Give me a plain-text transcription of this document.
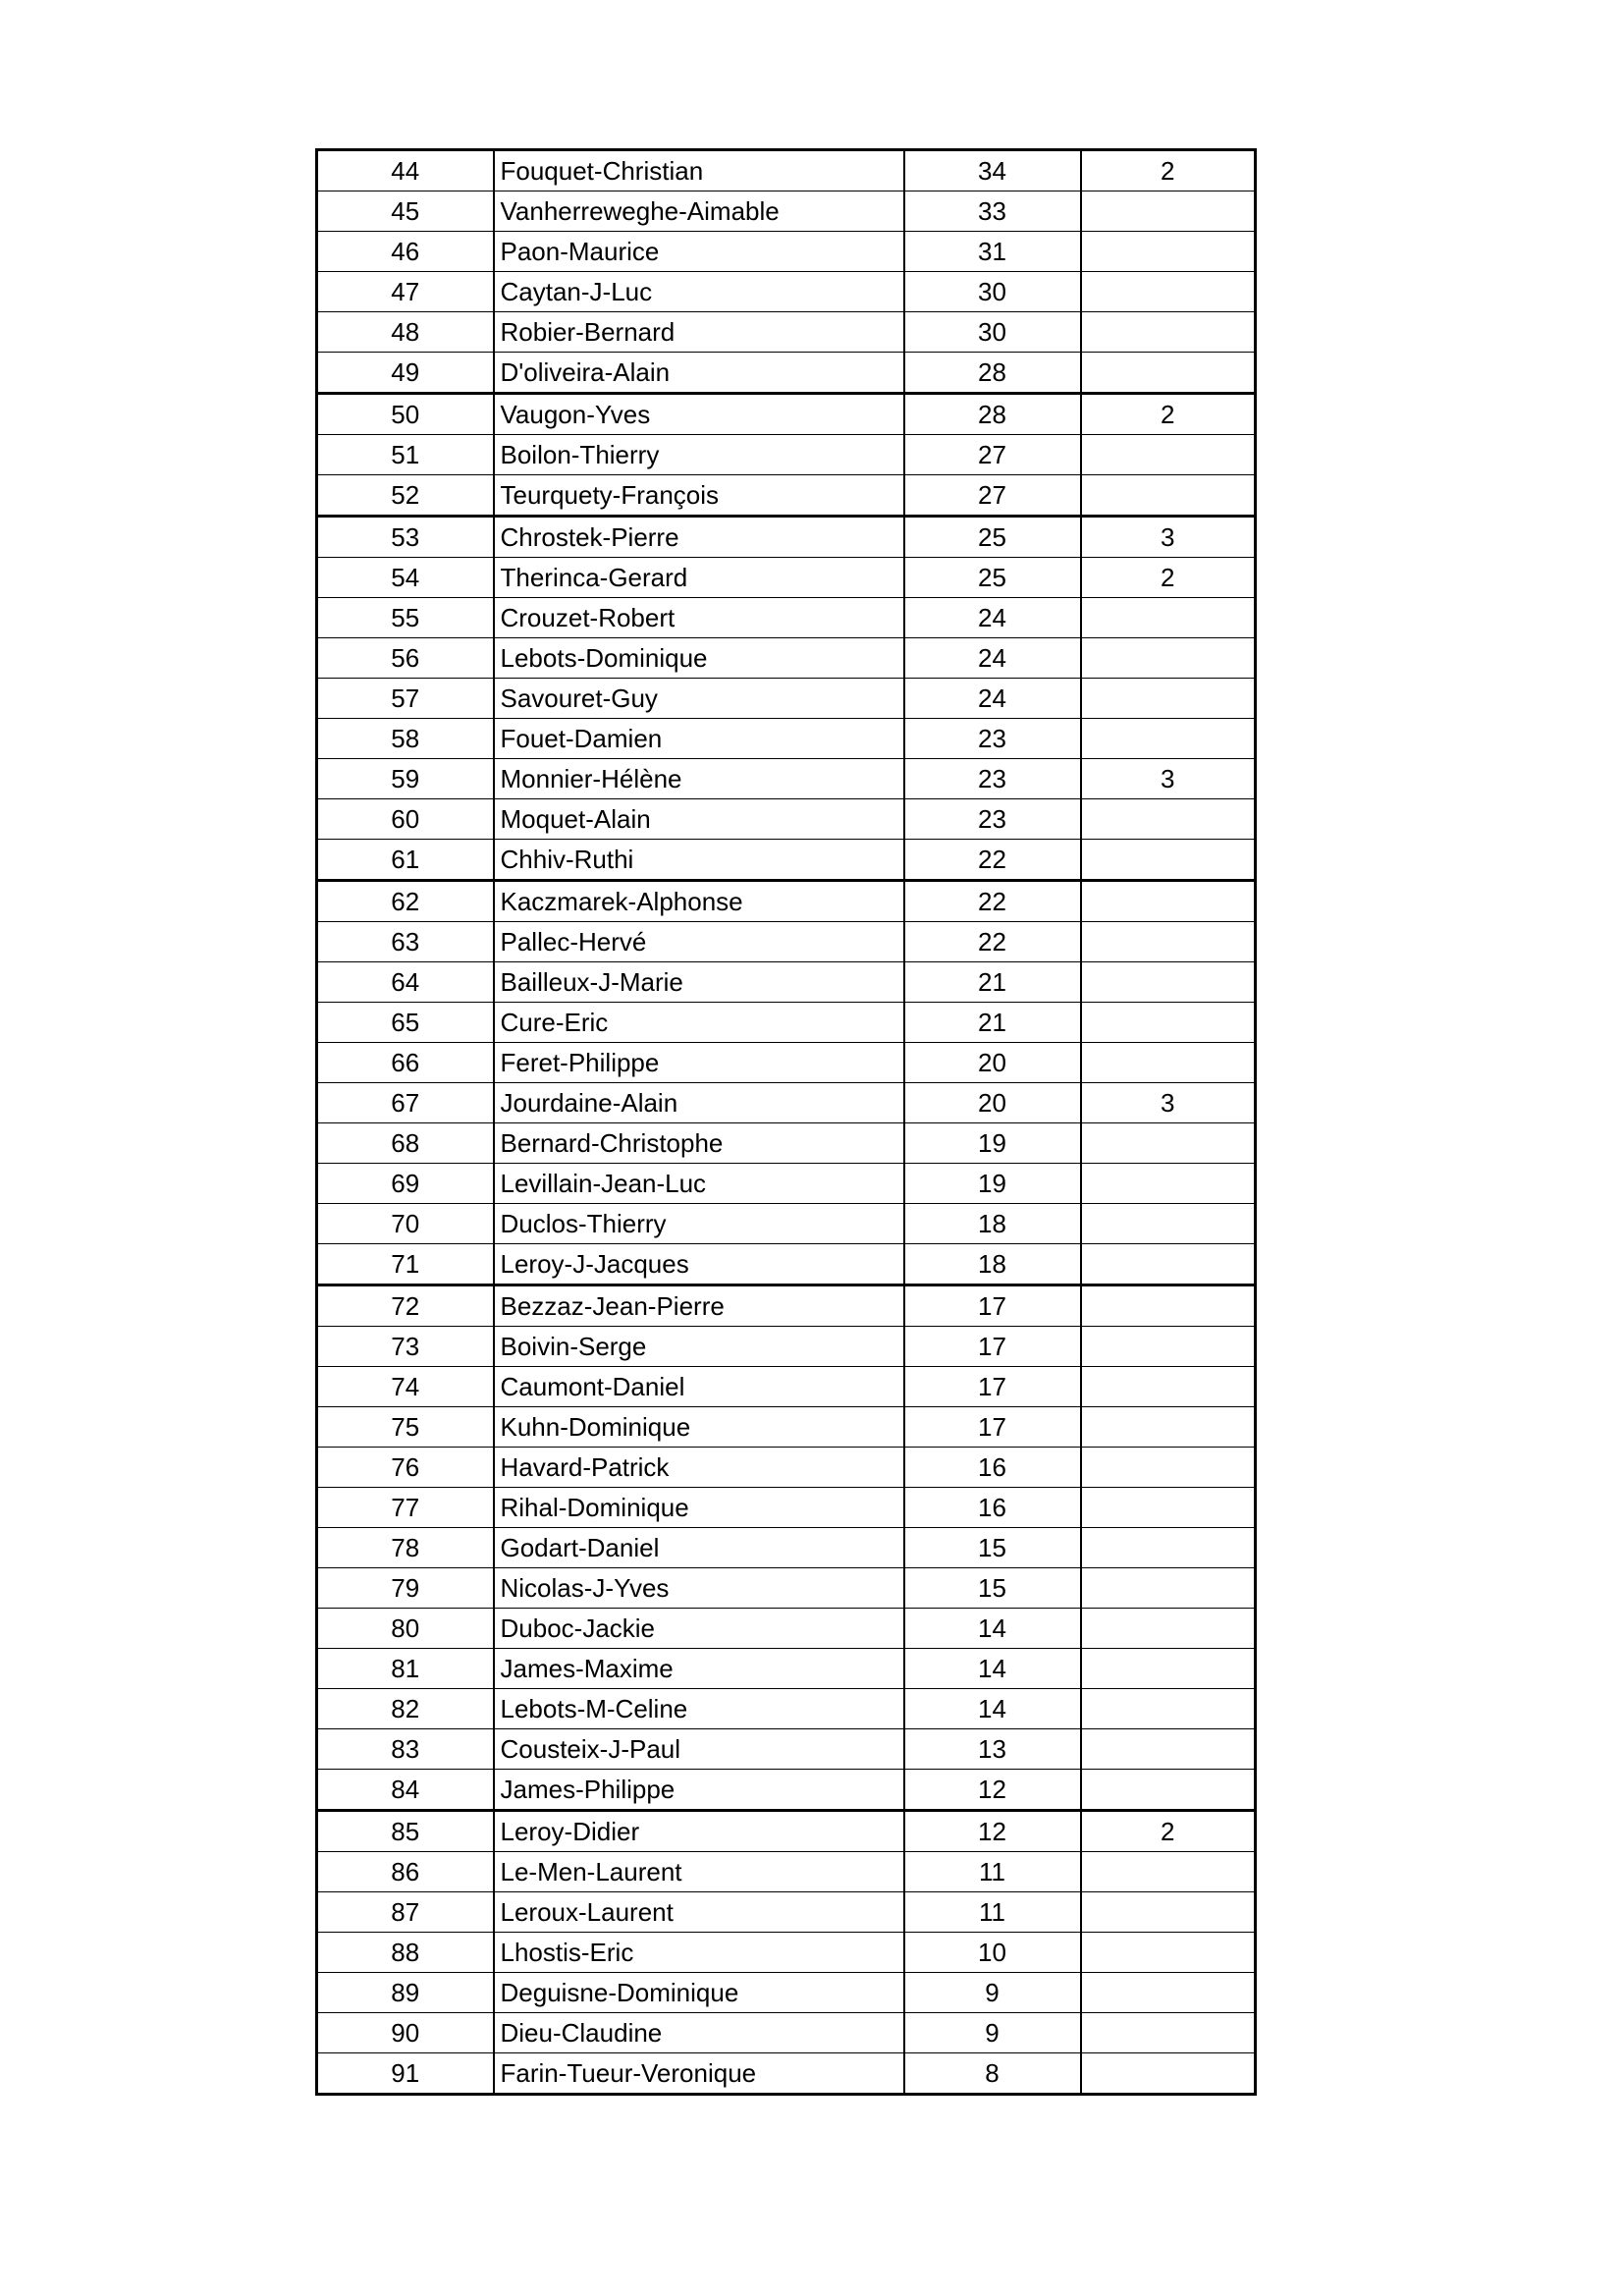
44	Fouquet-Christian	34	2
45	Vanherreweghe-Aimable	33	
46	Paon-Maurice	31	
47	Caytan-J-Luc	30	
48	Robier-Bernard	30	
49	D'oliveira-Alain	28	
50	Vaugon-Yves	28	2
51	Boilon-Thierry	27	
52	Teurquety-François	27	
53	Chrostek-Pierre	25	3
54	Therinca-Gerard	25	2
55	Crouzet-Robert	24	
56	Lebots-Dominique	24	
57	Savouret-Guy	24	
58	Fouet-Damien	23	
59	Monnier-Hélène	23	3
60	Moquet-Alain	23	
61	Chhiv-Ruthi	22	
62	Kaczmarek-Alphonse	22	
63	Pallec-Hervé	22	
64	Bailleux-J-Marie	21	
65	Cure-Eric	21	
66	Feret-Philippe	20	
67	Jourdaine-Alain	20	3
68	Bernard-Christophe	19	
69	Levillain-Jean-Luc	19	
70	Duclos-Thierry	18	
71	Leroy-J-Jacques	18	
72	Bezzaz-Jean-Pierre	17	
73	Boivin-Serge	17	
74	Caumont-Daniel	17	
75	Kuhn-Dominique	17	
76	Havard-Patrick	16	
77	Rihal-Dominique	16	
78	Godart-Daniel	15	
79	Nicolas-J-Yves	15	
80	Duboc-Jackie	14	
81	James-Maxime	14	
82	Lebots-M-Celine	14	
83	Cousteix-J-Paul	13	
84	James-Philippe	12	
85	Leroy-Didier	12	2
86	Le-Men-Laurent	11	
87	Leroux-Laurent	11	
88	Lhostis-Eric	10	
89	Deguisne-Dominique	9	
90	Dieu-Claudine	9	
91	Farin-Tueur-Veronique	8	
